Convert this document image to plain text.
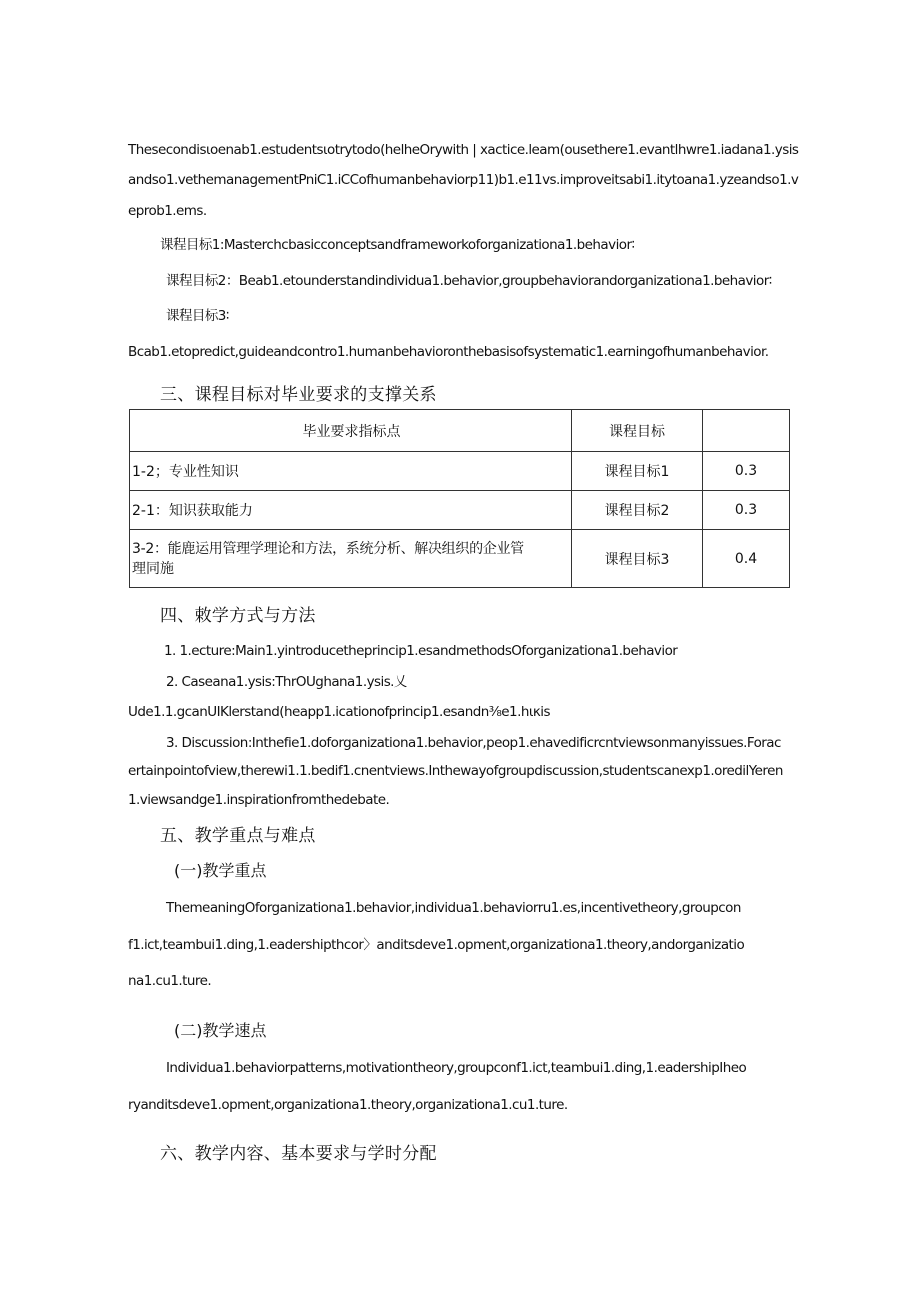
Thesecondisιoenab1.estudentsιotrytodo(helheOrywith | xactice.leam(ousethere1.evantlhwre1.iadana1.ysis
andso1.vethemanagementPniC1.iCCofhumanbehaviorp11)b1.e11vs.improveitsabi1.itytoana1.yzeandso1.v
eprob1.ems.
课程目标1:Masterchcbasicconceptsandframeworkoforganizationa1.behavior∶
课程目标2：Beab1.etounderstandindividua1.behavior,groupbehaviorandorganizationa1.behavior∶
课程目标3∶
Bcab1.etopredict,guideandcontro1.humanbehavioronthebasisofsystematic1.earningofhumanbehavior.
三、课程目标对毕业要求的支撑关系
毕业要求指标点	课程目标	
1-2；专业性知识	课程目标1	0.3
2-1：知识获取能力	课程目标2	0.3

3-2：能鹿运用管理学理论和方法，系统分析、解决组织的企业管
理同施	课程目标3	0.4
四、敕学方式与方法
1. 1.ecture:Main1.yintroducetheprincip1.esandmethodsOforganizationa1.behavior
2. Caseana1.ysis:ThrOUghana1.ysis.乂
Ude1.1.gcanUIKlerstand(heapp1.icationofprincip1.esandn⅜e1.hικis
3. Discussion:Inthefie1.doforganizationa1.behavior,peop1.ehavedificrcntviewsonmanyissues.Forac
ertainpointofview,therewi1.1.bedif1.cnentviews.Inthewayofgroupdiscussion,studentscanexp1.oredilYeren
1.viewsandge1.inspirationfromthedebate.
五、教学重点与难点
(一)教学重点
ThemeaningOforganizationa1.behavior,individua1.behaviorru1.es,incentivetheory,groupcon
f1.ict,teambui1.ding,1.eadershipthcor〉anditsdeve1.opment,organizationa1.theory,andorganizatio
na1.cu1.ture.
(二)教学速点
Individua1.behaviorpatterns,motivationtheory,groupconf1.ict,teambui1.ding,1.eadershipIheo
ryanditsdeve1.opment,organizationa1.theory,organizationa1.cu1.ture.
六、教学内容、基本要求与学时分配
